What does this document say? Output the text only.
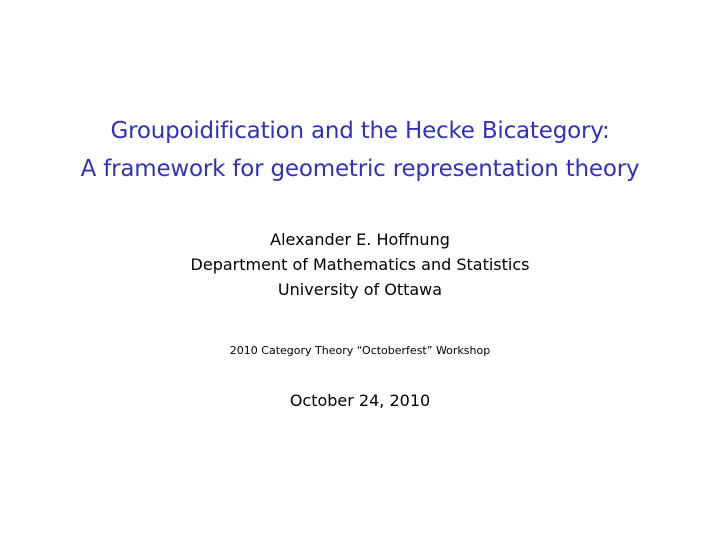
Groupoidification and the Hecke Bicategory:
A framework for geometric representation theory
Alexander E. Hoffnung
Department of Mathematics and Statistics
University of Ottawa
2010 Category Theory “Octoberfest” Workshop
October 24, 2010
